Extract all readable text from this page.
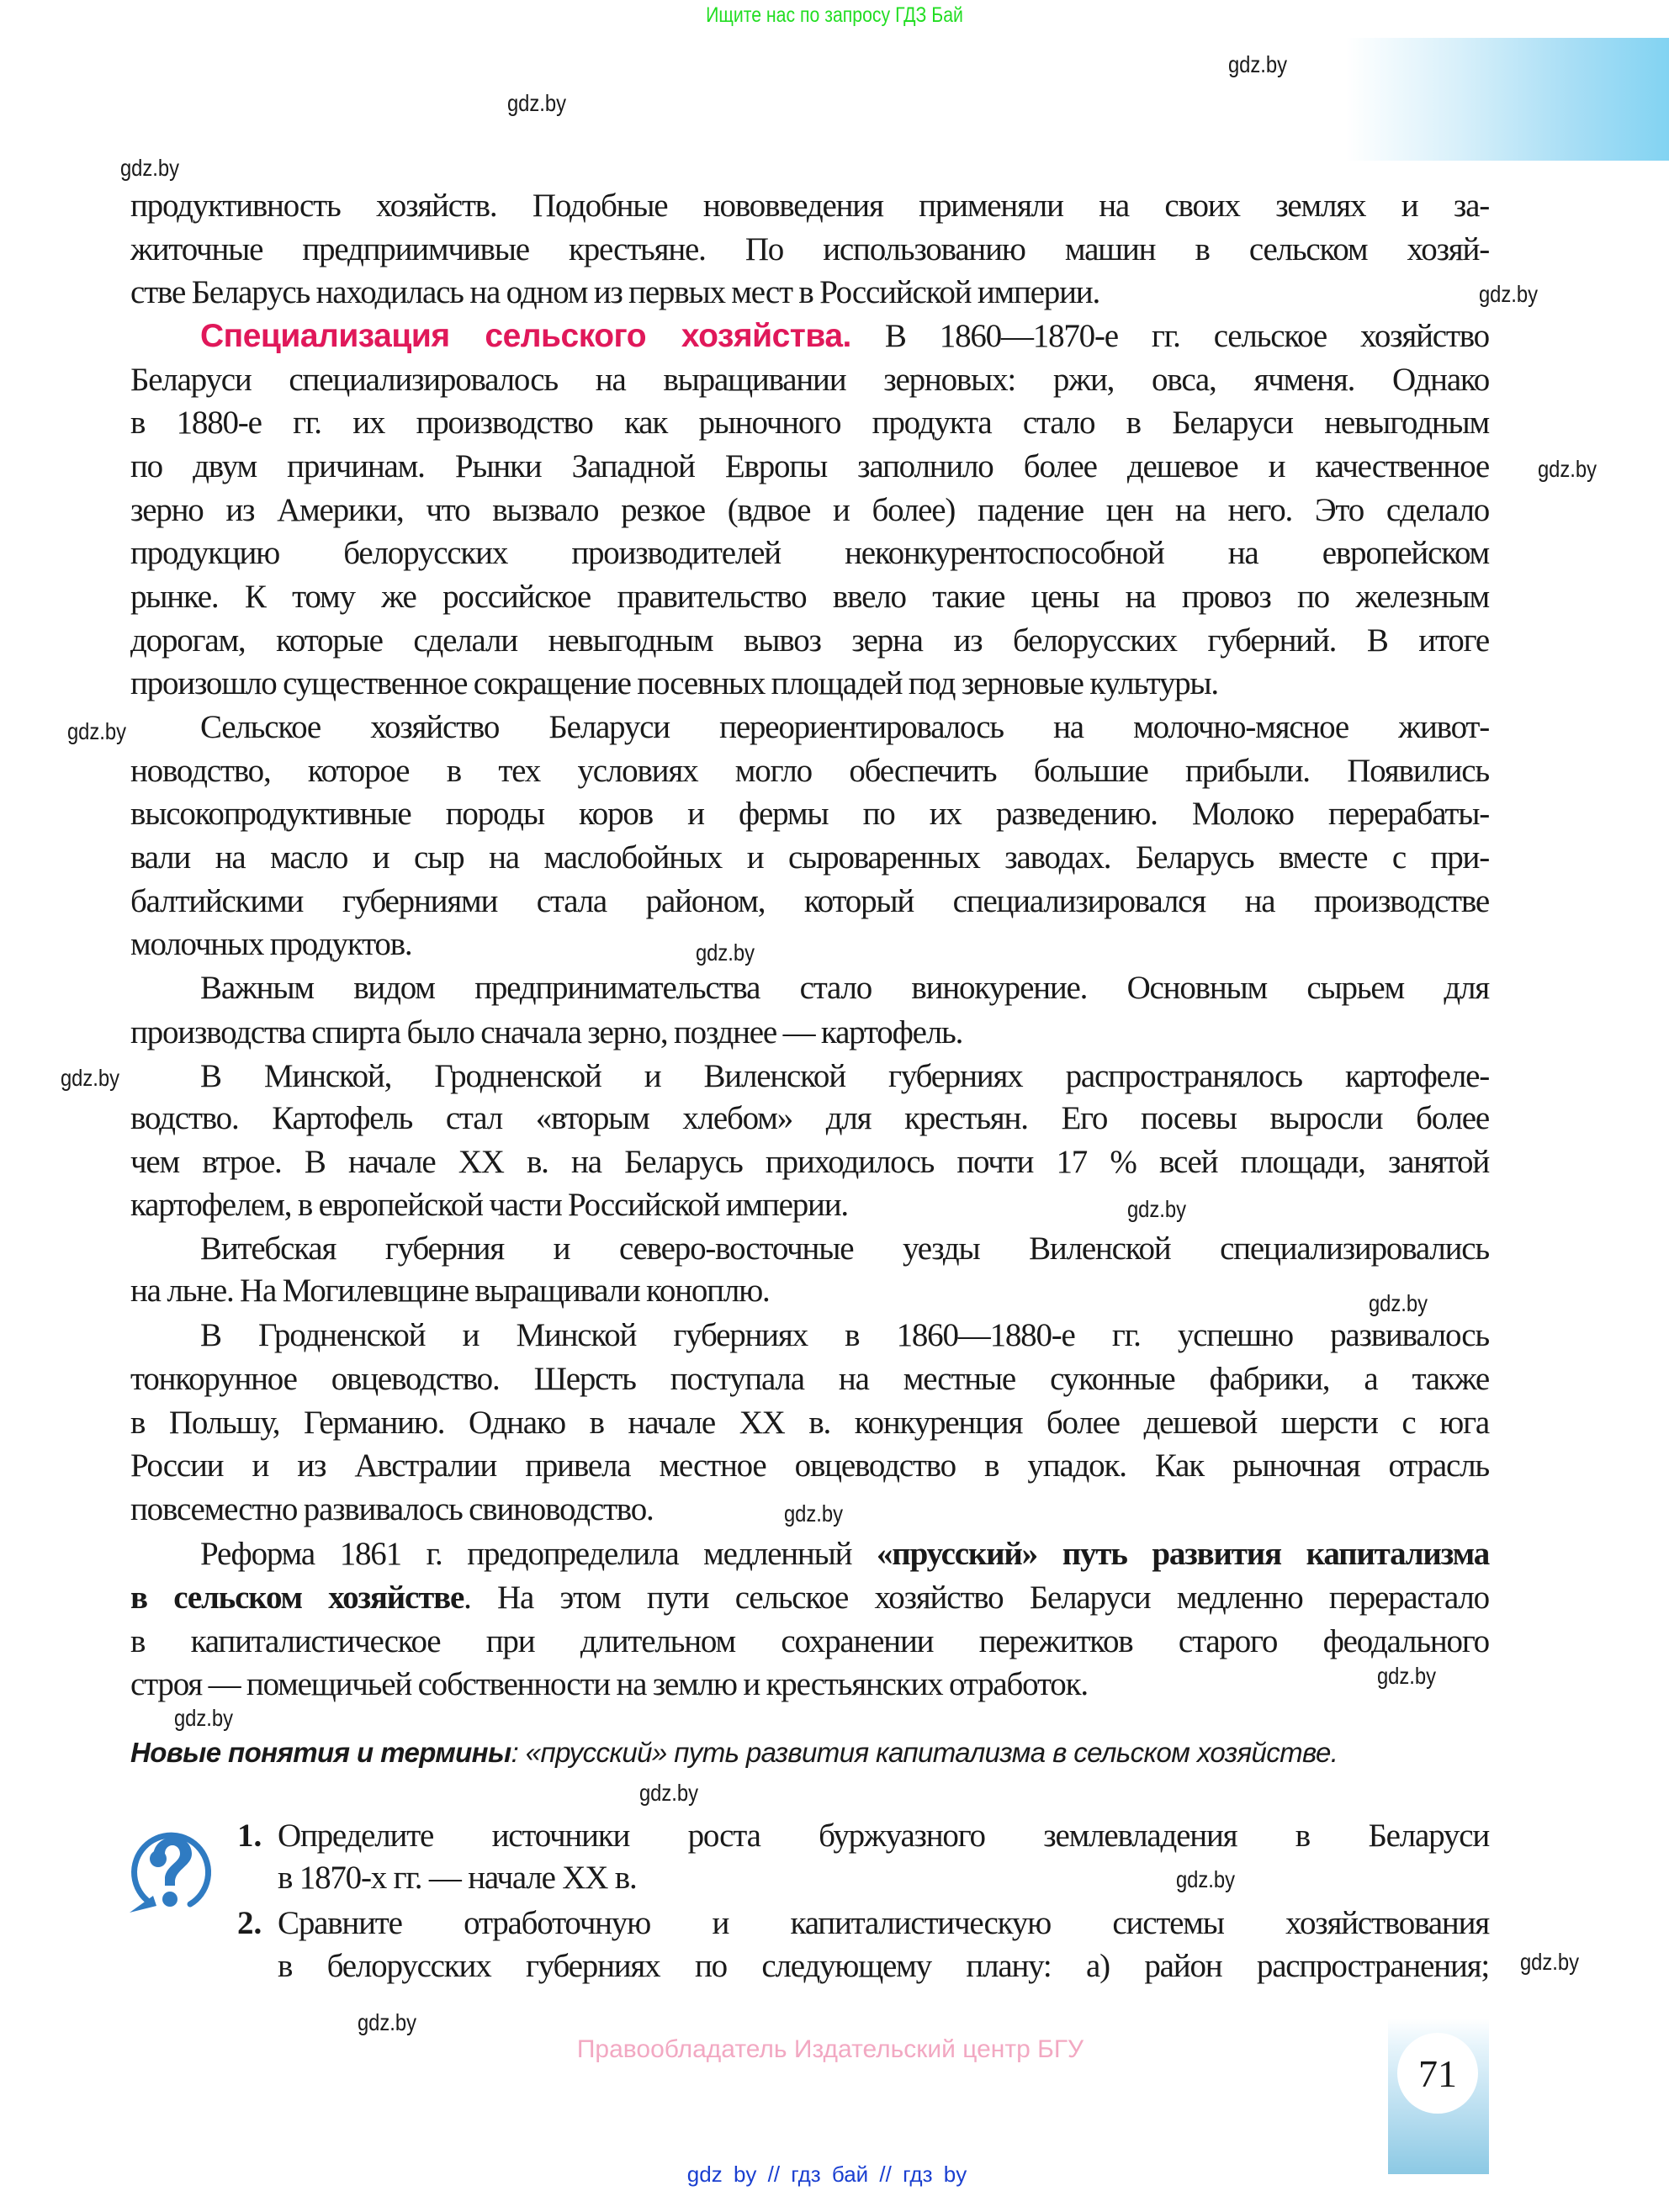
Ищите нас по запросу ГДЗ Бай
gdz.by
gdz.by
gdz.by
gdz.by
gdz.by
gdz.by
gdz.by
gdz.by
gdz.by
gdz.by
gdz.by
gdz.by
gdz.by
gdz.by
gdz.by
gdz.by
gdz.by
продуктивность хозяйств. Подобные нововведения применяли на своих землях и за-
житочные предприимчивые крестьяне. По использованию машин в сельском хозяй-
стве Беларусь находилась на одном из первых мест в Российской империи.
Специализация сельского хозяйства. В 1860—1870-е гг. сельское хозяйство
Беларуси специализировалось на выращивании зерновых: ржи, овса, ячменя. Однако
в 1880-е гг. их производство как рыночного продукта стало в Беларуси невыгодным
по двум причинам. Рынки Западной Европы заполнило более дешевое и качественное
зерно из Америки, что вызвало резкое (вдвое и более) падение цен на него. Это сделало
продукцию белорусских производителей неконкурентоспособной на европейском
рынке. К тому же российское правительство ввело такие цены на провоз по железным
дорогам, которые сделали невыгодным вывоз зерна из белорусских губерний. В итоге
произошло существенное сокращение посевных площадей под зерновые культуры.
Сельское хозяйство Беларуси переориентировалось на молочно-мясное живот-
новодство, которое в тех условиях могло обеспечить большие прибыли. Появились
высокопродуктивные породы коров и фермы по их разведению. Молоко перерабаты-
вали на масло и сыр на маслобойных и сыроваренных заводах. Беларусь вместе с при-
балтийскими губерниями стала районом, который специализировался на производстве
молочных продуктов.
Важным видом предпринимательства стало винокурение. Основным сырьем для
производства спирта было сначала зерно, позднее — картофель.
В Минской, Гродненской и Виленской губерниях распространялось картофеле-
водство. Картофель стал «вторым хлебом» для крестьян. Его посевы выросли более
чем втрое. В начале XX в. на Беларусь приходилось почти 17 % всей площади, занятой
картофелем, в европейской части Российской империи.
Витебская губерния и северо-восточные уезды Виленской специализировались
на льне. На Могилевщине выращивали коноплю.
В Гродненской и Минской губерниях в 1860—1880-е гг. успешно развивалось
тонкорунное овцеводство. Шерсть поступала на местные суконные фабрики, а также
в Польшу, Германию. Однако в начале XX в. конкуренция более дешевой шерсти с юга
России и из Австралии привела местное овцеводство в упадок. Как рыночная отрасль
повсеместно развивалось свиноводство.
Реформа 1861 г. предопределила медленный «прусский» путь развития капитализма
в сельском хозяйстве. На этом пути сельское хозяйство Беларуси медленно перерастало
в капиталистическое при длительном сохранении пережитков старого феодального
строя — помещичьей собственности на землю и крестьянских отработок.
Новые понятия и термины: «прусский» путь развития капитализма в сельском хозяйстве.
1. Определите источники роста буржуазного землевладения в Беларуси
в 1870-х гг. — начале XX в.
2. Сравните отработочную и капиталистическую системы хозяйствования
в белорусских губерниях по следующему плану: а) район распространения;
Правообладатель Издательский центр БГУ
71
gdz by // гдз бай // гдз by
